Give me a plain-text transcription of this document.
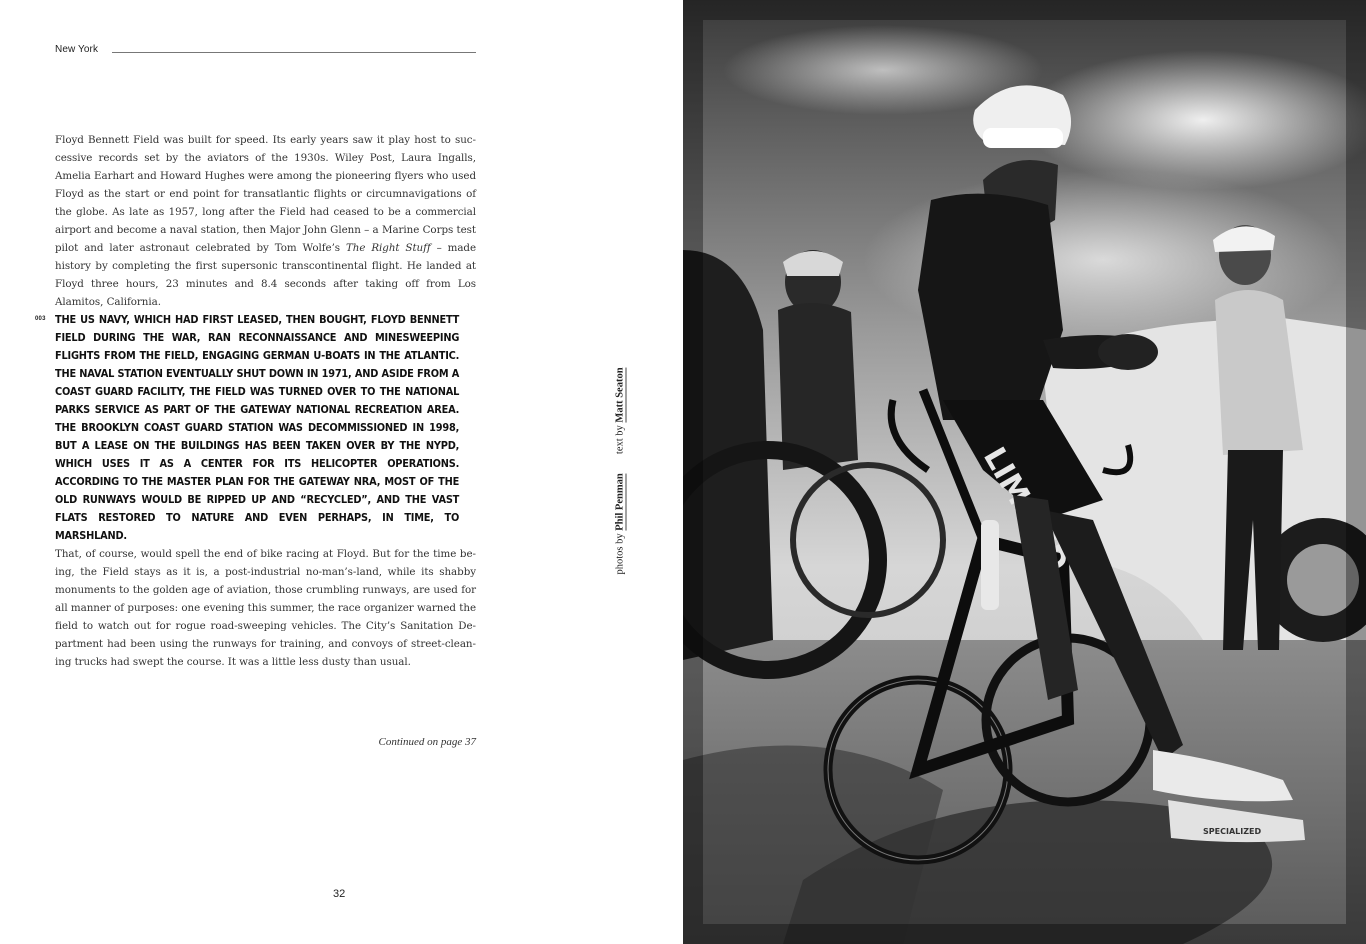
New York

Floyd Bennett Field was built for speed. Its early years saw it play host to successive records set by the aviators of the 1930s. Wiley Post, Laura Ingalls, Amelia Earhart and Howard Hughes were among the pioneering flyers who used Floyd as the start or end point for transatlantic flights or circumnavigations of the globe. As late as 1957, long after the Field had ceased to be a commercial airport and become a naval station, then Major John Glenn – a Marine Corps test pilot and later astronaut celebrated by Tom Wolfe’s The Right Stuff – made history by completing the first supersonic transcontinental flight. He landed at Floyd three hours, 23 minutes and 8.4 seconds after taking off from Los Alamitos, California.

003 THE US NAVY, WHICH HAD FIRST LEASED, THEN BOUGHT, FLOYD BENNETT FIELD DURING THE WAR, RAN RECONNAISSANCE AND MINESWEEPING FLIGHTS FROM THE FIELD, ENGAGING GERMAN U-BOATS IN THE ATLANTIC. THE NAVAL STATION EVENTUALLY SHUT DOWN IN 1971, AND ASIDE FROM A COAST GUARD FACILITY, THE FIELD WAS TURNED OVER TO THE NATIONAL PARKS SERVICE AS PART OF THE GATEWAY NATIONAL RECREATION AREA. THE BROOKLYN COAST GUARD STATION WAS DECOMMISSIONED IN 1998, BUT A LEASE ON THE BUILDINGS HAS BEEN TAKEN OVER BY THE NYPD, WHICH USES IT AS A CENTER FOR ITS HELICOPTER OPERATIONS. ACCORDING TO THE MASTER PLAN FOR THE GATEWAY NRA, MOST OF THE OLD RUNWAYS WOULD BE RIPPED UP AND “RECYCLED”, AND THE VAST FLATS RESTORED TO NATURE AND EVEN PERHAPS, IN TIME, TO MARSHLAND.

That, of course, would spell the end of bike racing at Floyd. But for the time being, the Field stays as it is, a post-industrial no-man’s-land, while its shabby monuments to the golden age of aviation, those crumbling runways, are used for all manner of purposes: one evening this summer, the race organizer warned the field to watch out for rogue road-sweeping vehicles. The City’s Sanitation Department had been using the runways for training, and convoys of street-cleaning trucks had swept the course. It was a little less dusty than usual.

Continued on page 37
32
photos by Phil Penman  text by Matt Seaton
SPECIALIZED
